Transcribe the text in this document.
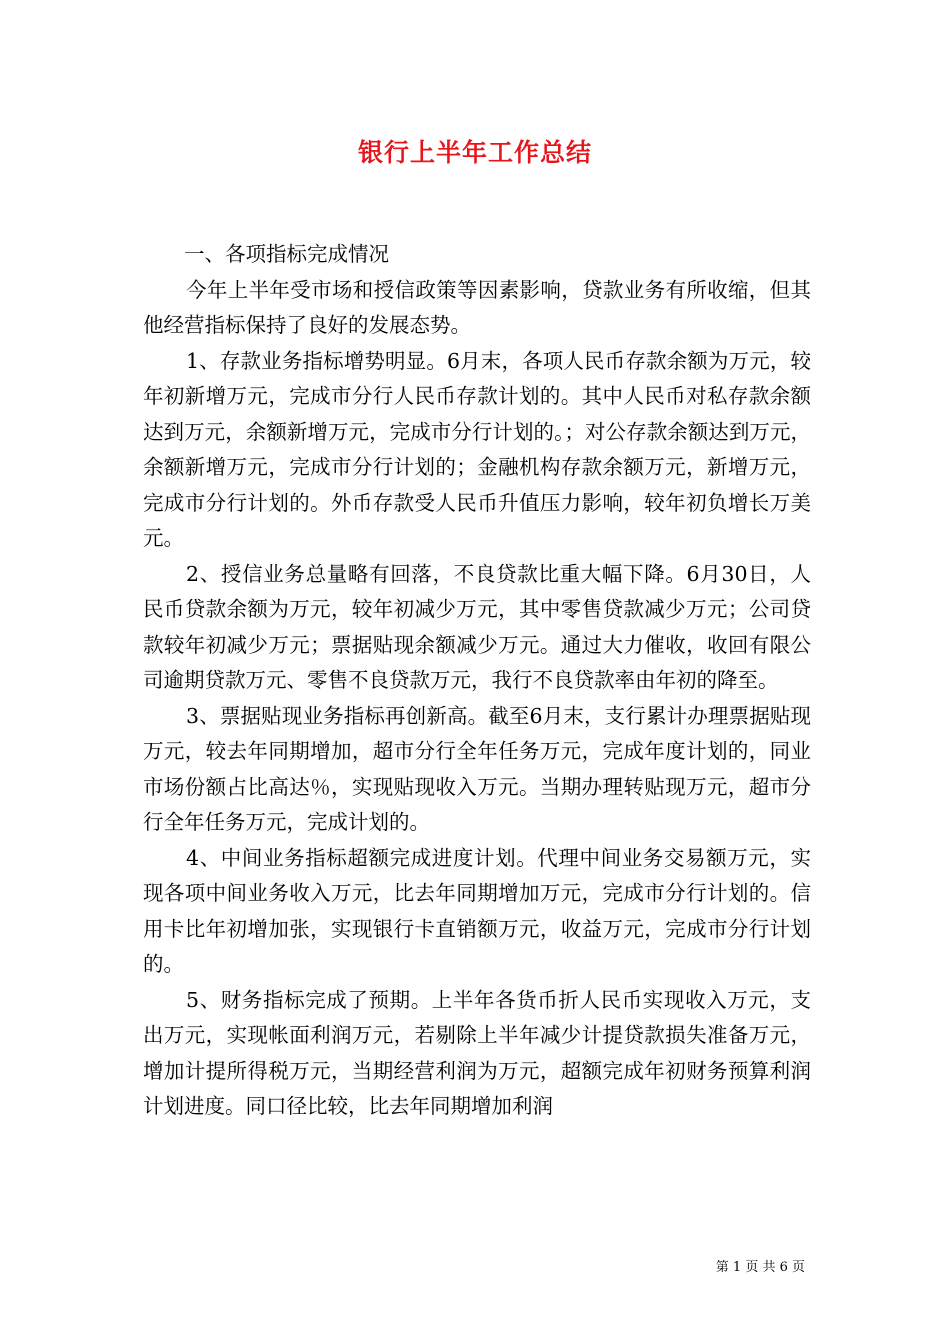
银行上半年工作总结

一、各项指标完成情况

今年上半年受市场和授信政策等因素影响，贷款业务有所收缩，但其他经营指标保持了良好的发展态势。

1、存款业务指标增势明显。6月末，各项人民币存款余额为万元，较年初新增万元，完成市分行人民币存款计划的。其中人民币对私存款余额达到万元，余额新增万元，完成市分行计划的。；对公存款余额达到万元，余额新增万元，完成市分行计划的；金融机构存款余额万元，新增万元，完成市分行计划的。外币存款受人民币升值压力影响，较年初负增长万美元。

2、授信业务总量略有回落，不良贷款比重大幅下降。6月30日，人民币贷款余额为万元，较年初减少万元，其中零售贷款减少万元；公司贷款较年初减少万元；票据贴现余额减少万元。通过大力催收，收回有限公司逾期贷款万元、零售不良贷款万元，我行不良贷款率由年初的降至。

3、票据贴现业务指标再创新高。截至6月末，支行累计办理票据贴现万元，较去年同期增加，超市分行全年任务万元，完成年度计划的，同业市场份额占比高达％，实现贴现收入万元。当期办理转贴现万元，超市分行全年任务万元，完成计划的。

4、中间业务指标超额完成进度计划。代理中间业务交易额万元，实现各项中间业务收入万元，比去年同期增加万元，完成市分行计划的。信用卡比年初增加张，实现银行卡直销额万元，收益万元，完成市分行计划的。

5、财务指标完成了预期。上半年各货币折人民币实现收入万元，支出万元，实现帐面利润万元，若剔除上半年减少计提贷款损失准备万元，增加计提所得税万元，当期经营利润为万元，超额完成年初财务预算利润计划进度。同口径比较，比去年同期增加利润

第 1 页 共 6 页
